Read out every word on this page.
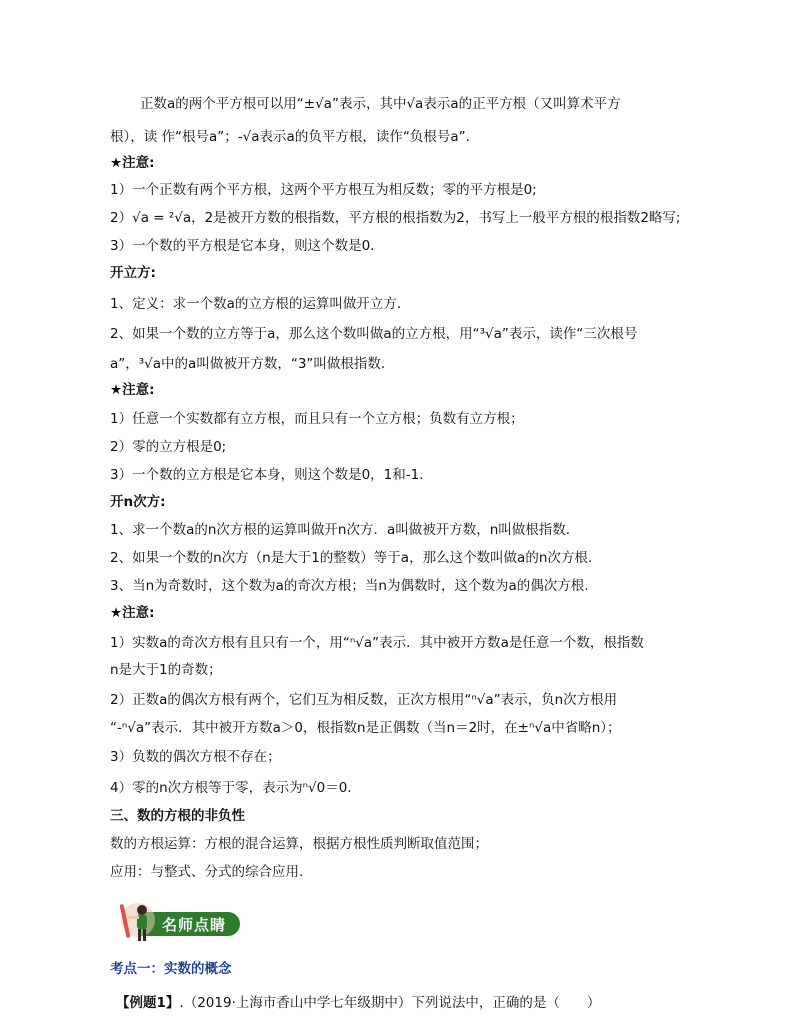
正数a的两个平方根可以用“±√a”表示，其中√a表示a的正平方根（又叫算术平方
根），读 作“根号a”；-√a表示a的负平方根，读作“负根号a”．
★注意:
1）一个正数有两个平方根，这两个平方根互为相反数；零的平方根是0;
2）√a = ²√a，2是被开方数的根指数，平方根的根指数为2，书写上一般平方根的根指数2略写;
3）一个数的平方根是它本身，则这个数是0.
开立方:
1、定义：求一个数a的立方根的运算叫做开立方.
2、如果一个数的立方等于a，那么这个数叫做a的立方根，用“³√a”表示，读作“三次根号
a”，³√a中的a叫做被开方数，“3”叫做根指数.
★注意:
1）任意一个实数都有立方根，而且只有一个立方根；负数有立方根；
2）零的立方根是0;
3）一个数的立方根是它本身，则这个数是0，1和-1.
开n次方:
1、求一个数a的n次方根的运算叫做开n次方．a叫做被开方数，n叫做根指数.
2、如果一个数的n次方（n是大于1的整数）等于a，那么这个数叫做a的n次方根.
3、当n为奇数时，这个数为a的奇次方根；当n为偶数时，这个数为a的偶次方根.
★注意:
1）实数a的奇次方根有且只有一个，用“ⁿ√a”表示．其中被开方数a是任意一个数，根指数
n是大于1的奇数；
2）正数a的偶次方根有两个，它们互为相反数，正次方根用“ⁿ√a”表示，负n次方根用
“-ⁿ√a”表示．其中被开方数a＞0，根指数n是正偶数（当n＝2时，在±ⁿ√a中省略n）；
3）负数的偶次方根不存在；
4）零的n次方根等于零，表示为ⁿ√0＝0.
三、数的方根的非负性
数的方根运算：方根的混合运算，根据方根性质判断取值范围；
应用：与整式、分式的综合应用.
名师点睛
考点一：实数的概念
【例题1】.（2019·上海市香山中学七年级期中）下列说法中，正确的是（　　）
